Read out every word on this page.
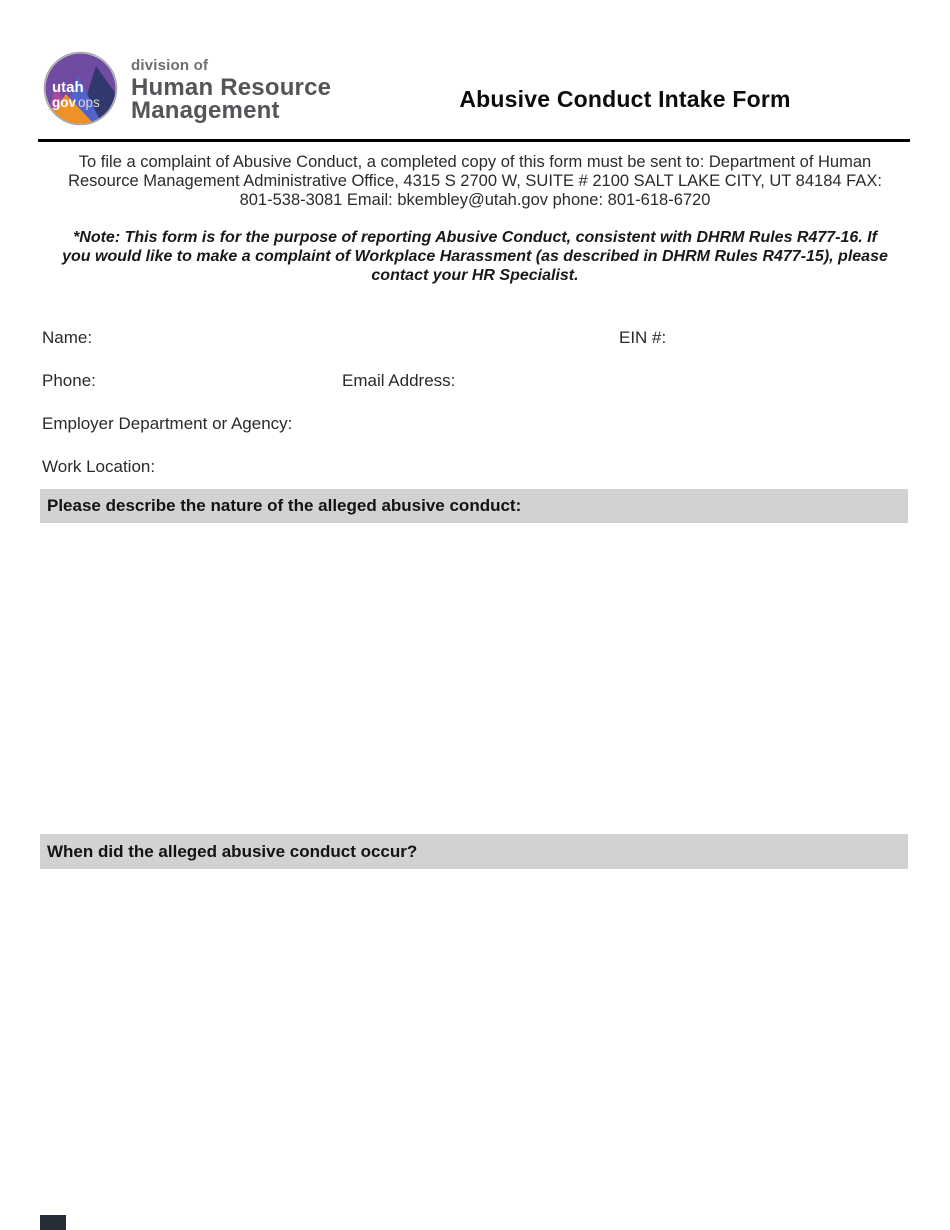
utah
gov ops
division of
Human Resource
Management	Abusive Conduct Intake Form
To file a complaint of Abusive Conduct, a completed copy of this form must be sent to: Department of Human Resource Management Administrative Office, 4315 S 2700 W, SUITE # 2100 SALT LAKE CITY, UT 84184 FAX: 801-538-3081 Email: bkembley@utah.gov phone: 801-618-6720
*Note: This form is for the purpose of reporting Abusive Conduct, consistent with DHRM Rules R477-16. If you would like to make a complaint of Workplace Harassment (as described in DHRM Rules R477-15), please contact your HR Specialist.
Name:	EIN #:
Phone:	Email Address:
Employer Department or Agency:
Work Location:
Please describe the nature of the alleged abusive conduct:
When did the alleged abusive conduct occur?
